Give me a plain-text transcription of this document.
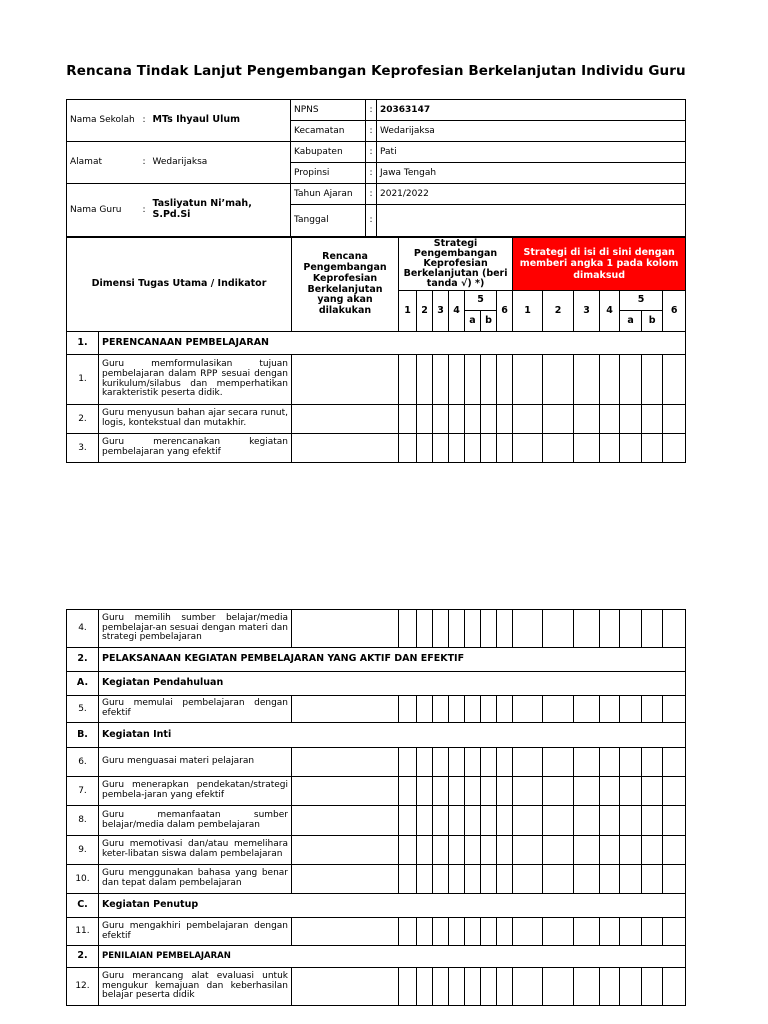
Rencana Tindak Lanjut Pengembangan Keprofesian Berkelanjutan Individu Guru
Nama Sekolah	:	MTs Ihyaul Ulum	NPNS	:	20363147
			Kecamatan	:	Wedarijaksa
Alamat	:	Wedarijaksa	Kabupaten	:	Pati
			Propinsi	:	Jawa Tengah
Nama Guru	:	Tasliyatun Ni’mah, S.Pd.Si	Tahun Ajaran	:	2021/2022
			Tanggal	:	
Dimensi Tugas Utama / Indikator		Rencana Pengembangan Keprofesian Berkelanjutan yang akan dilakukan	Strategi Pengembangan Keprofesian Berkelanjutan (beri tanda √) *)							Strategi di isi di sini dengan memberi angka 1 pada kolom dimaksud						
			1	2	3	4	5		6	1	2	3	4	5		6
							a	b						a	b	
1.	PERENCANAAN PEMBELAJARAN															
1.	Guru memformulasikan tujuan pembelajaran dalam RPP sesuai dengan kurikulum/silabus dan memperhatikan karakteristik peserta didik.															
2.	Guru menyusun bahan ajar secara runut, logis, kontekstual dan mutakhir.															
3.	Guru merencanakan kegiatan pembelajaran yang efektif															
4.	Guru memilih sumber belajar/media pembelajar-an sesuai dengan materi dan strategi pembelajaran															
2.	PELAKSANAAN KEGIATAN PEMBELAJARAN YANG AKTIF DAN EFEKTIF															
A.	Kegiatan Pendahuluan															
5.	Guru memulai pembelajaran dengan efektif															
B.	Kegiatan Inti															
6.	Guru menguasai materi pelajaran															
7.	Guru menerapkan pendekatan/strategi pembela-jaran yang efektif															
8.	Guru memanfaatan sumber belajar/media dalam pembelajaran															
9.	Guru memotivasi dan/atau memelihara keter-libatan siswa dalam pembelajaran															
10.	Guru menggunakan bahasa yang benar dan tepat dalam pembelajaran															
C.	Kegiatan Penutup															
11.	Guru mengakhiri pembelajaran dengan efektif															
2.	PENILAIAN PEMBELAJARAN															
12.	Guru merancang alat evaluasi untuk mengukur kemajuan dan keberhasilan belajar peserta didik															
